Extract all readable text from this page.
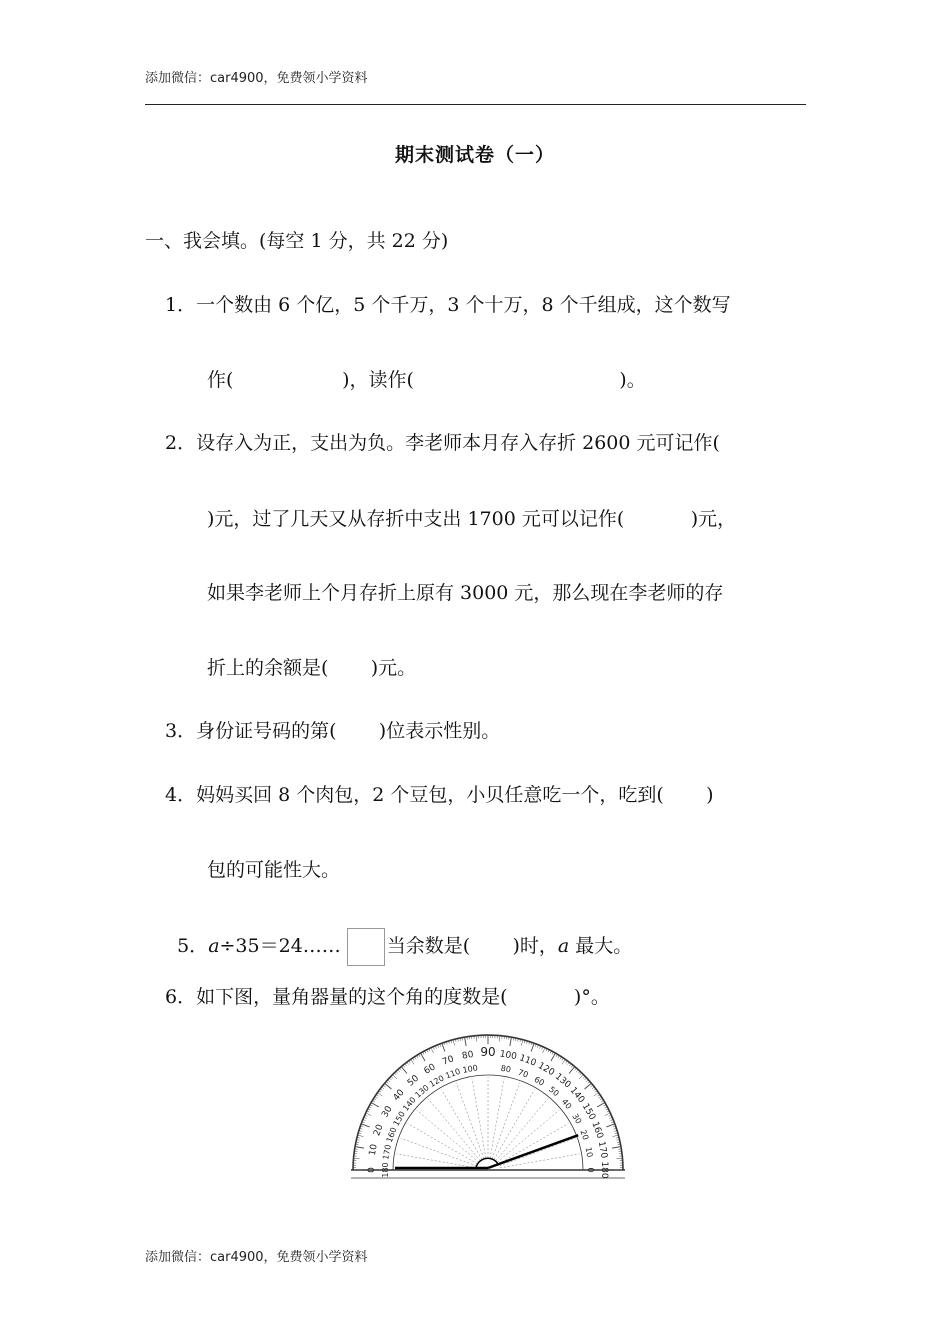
添加微信：car4900，免费领小学资料
期末测试卷（一）
一、我会填。(每空 1 分，共 22 分)
1．一个数由 6 个亿，5 个千万，3 个十万，8 个千组成，这个数写
作(                  )，读作(                                  )。
2．设存入为正，支出为负。李老师本月存入存折 2600 元可记作(
)元，过了几天又从存折中支出 1700 元可以记作(           )元，
如果李老师上个月存折上原有 3000 元，那么现在李老师的存
折上的余额是(       )元。
3．身份证号码的第(       )位表示性别。
4．妈妈买回 8 个肉包，2 个豆包，小贝任意吃一个，吃到(       )
包的可能性大。

5．a÷35＝24…… 当余数是(       )时，a 最大。

6．如下图，量角器量的这个角的度数是(           )°。
0
10
20
30
40
50
60
70 80 90 100 110
120
130
140
150
160
170
180
180
170
160
150
140
130
120
110 100	80 70
60
50
40
30
20
10
0
添加微信：car4900，免费领小学资料
